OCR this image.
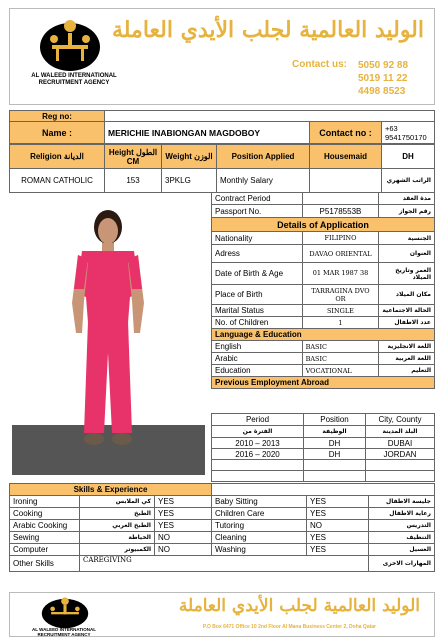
AL WALEED INTERNATIONAL
RECRUITMENT AGENCY
الوليد العالمية لجلب الأيدي العاملة
Contact us: 5050 92 88
5019 11 22
4498 8523
Reg no:			
Name :	MERICHIE INABIONGAN MAGDOBOY	Contact no :	+63 9541750170
Religion الديانة	Height الطول CM	Weight الوزن	Position Applied	Housemaid	DH
ROMAN CATHOLIC	153	3PKLG	Monthly Salary		الراتب الشهري
Contract Period		مدة العقد
Passport No.	P5178553B	رقم الجواز
Details of Application		
Nationality	FILIPINO	الجنسية
Adress	DAVAO ORIENTAL	العنوان
Date of Birth & Age	01 MAR 1987 38	العمر وتاريخ الميلاد
Place of Birth	TARRAGINA DVO OR	مكان الميلاد
Marital Status	SINGLE	الحالة الاجتماعية
No. of Children	1	عدد الاطفال
Language & Education		
English	BASIC	اللغة الانجليزية
Arabic	BASIC	اللغة العربية
Education	VOCATIONAL	التعليم
Previous Employment Abroad		
Period	Position	City, County
الفترة من	الوظيفة	البلد المدينة
2010 – 2013	DH	DUBAI
2016 – 2020	DH	JORDAN

Skills & Experience					
Ironing	كي الملابس	YES	Baby Sitting	YES	جليسة الاطفال
Cooking	الطبخ	YES	Children Care	YES	رعاية الاطفال
Arabic Cooking	الطبخ العربي	YES	Tutoring	NO	التدريس
Sewing	الخياطة	NO	Cleaning	YES	التنظيف
Computer	الكمبيوتر	NO	Washing	YES	الغسيل
Other Skills	CAREGIVING				المهارات الاخرى
AL WALEED INTERNATIONAL
RECRUITMENT AGENCY
الوليد العالمية لجلب الأيدي العاملة
P.O Box 6471 Office 10 2nd Floor Al Mana Business Center 2, Doha Qatar
